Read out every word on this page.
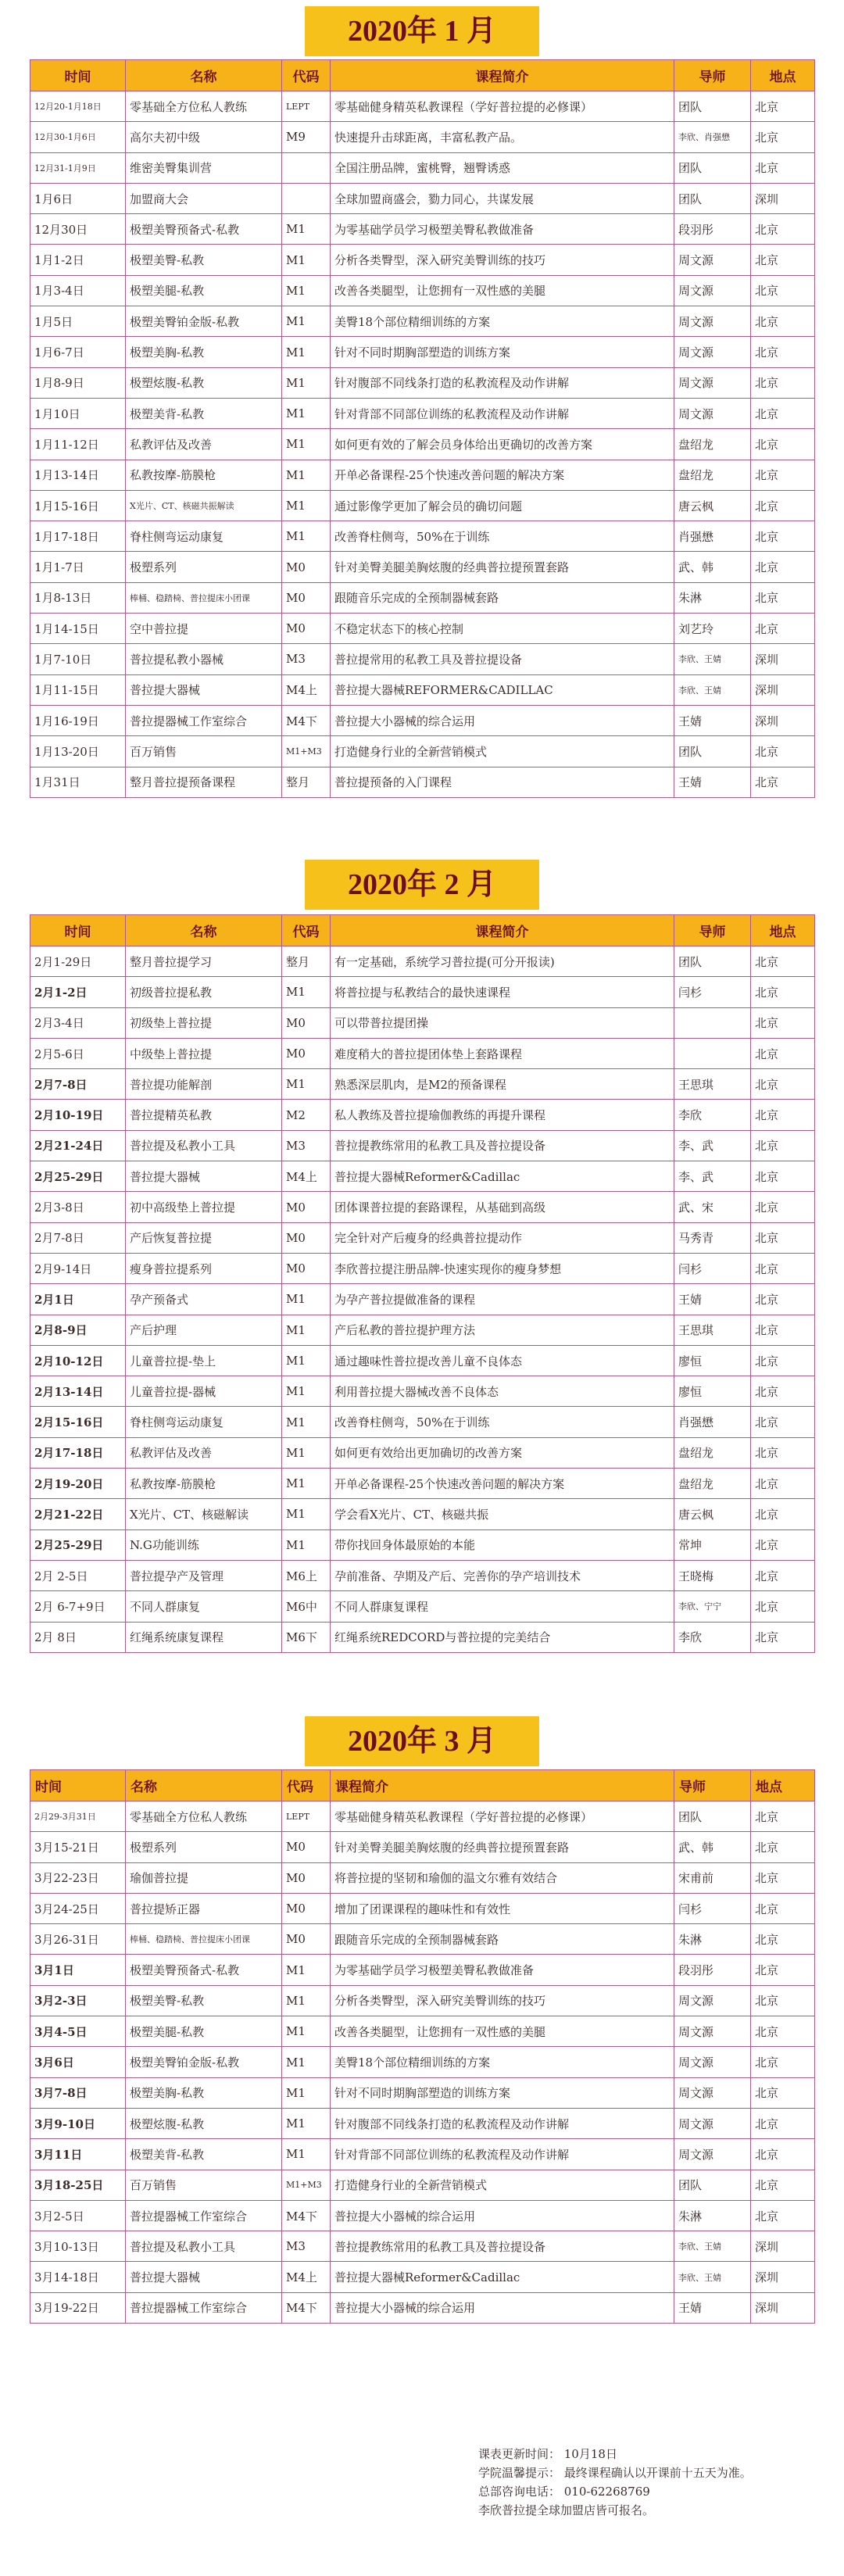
2020年 1 月
时间	名称	代码	课程简介	导师	地点
12月20-1月18日	零基础全方位私人教练	LEPT	零基础健身精英私教课程（学好普拉提的必修课）	团队	北京
12月30-1月6日	高尔夫初中级	M9	快速提升击球距离，丰富私教产品。	李欣、肖强懋	北京
12月31-1月9日	维密美臀集训营		全国注册品牌，蜜桃臀，翘臀诱惑	团队	北京
1月6日	加盟商大会		全球加盟商盛会，勠力同心，共谋发展	团队	深圳
12月30日	极塑美臀预备式-私教	M1	为零基础学员学习极塑美臀私教做准备	段羽彤	北京
1月1-2日	极塑美臀-私教	M1	分析各类臀型，深入研究美臀训练的技巧	周文源	北京
1月3-4日	极塑美腿-私教	M1	改善各类腿型，让您拥有一双性感的美腿	周文源	北京
1月5日	极塑美臀铂金版-私教	M1	美臀18个部位精细训练的方案	周文源	北京
1月6-7日	极塑美胸-私教	M1	针对不同时期胸部塑造的训练方案	周文源	北京
1月8-9日	极塑炫腹-私教	M1	针对腹部不同线条打造的私教流程及动作讲解	周文源	北京
1月10日	极塑美背-私教	M1	针对背部不同部位训练的私教流程及动作讲解	周文源	北京
1月11-12日	私教评估及改善	M1	如何更有效的了解会员身体给出更确切的改善方案	盘绍龙	北京
1月13-14日	私教按摩-筋膜枪	M1	开单必备课程-25个快速改善问题的解决方案	盘绍龙	北京
1月15-16日	X光片、CT、核磁共振解读	M1	通过影像学更加了解会员的确切问题	唐云枫	北京
1月17-18日	脊柱侧弯运动康复	M1	改善脊柱侧弯，50%在于训练	肖强懋	北京
1月1-7日	极塑系列	M0	针对美臀美腿美胸炫腹的经典普拉提预置套路	武、韩	北京
1月8-13日	棒桶、稳踏椅、普拉提床小团课	M0	跟随音乐完成的全预制器械套路	朱淋	北京
1月14-15日	空中普拉提	M0	不稳定状态下的核心控制	刘艺玲	北京
1月7-10日	普拉提私教小器械	M3	普拉提常用的私教工具及普拉提设备	李欣、王婧	深圳
1月11-15日	普拉提大器械	M4上	普拉提大器械REFORMER&CADILLAC	李欣、王婧	深圳
1月16-19日	普拉提器械工作室综合	M4下	普拉提大小器械的综合运用	王婧	深圳
1月13-20日	百万销售	M1+M3	打造健身行业的全新营销模式	团队	北京
1月31日	整月普拉提预备课程	整月	普拉提预备的入门课程	王婧	北京
2020年 2 月
时间	名称	代码	课程简介	导师	地点
2月1-29日	整月普拉提学习	整月	有一定基础，系统学习普拉提(可分开报读)	团队	北京
2月1-2日	初级普拉提私教	M1	将普拉提与私教结合的最快速课程	闫杉	北京
2月3-4日	初级垫上普拉提	M0	可以带普拉提团操		北京
2月5-6日	中级垫上普拉提	M0	难度稍大的普拉提团体垫上套路课程		北京
2月7-8日	普拉提功能解剖	M1	熟悉深层肌肉，是M2的预备课程	王思琪	北京
2月10-19日	普拉提精英私教	M2	私人教练及普拉提瑜伽教练的再提升课程	李欣	北京
2月21-24日	普拉提及私教小工具	M3	普拉提教练常用的私教工具及普拉提设备	李、武	北京
2月25-29日	普拉提大器械	M4上	普拉提大器械Reformer&Cadillac	李、武	北京
2月3-8日	初中高级垫上普拉提	M0	团体课普拉提的套路课程，从基础到高级	武、宋	北京
2月7-8日	产后恢复普拉提	M0	完全针对产后瘦身的经典普拉提动作	马秀青	北京
2月9-14日	瘦身普拉提系列	M0	李欣普拉提注册品牌-快速实现你的瘦身梦想	闫杉	北京
2月1日	孕产预备式	M1	为孕产普拉提做准备的课程	王婧	北京
2月8-9日	产后护理	M1	产后私教的普拉提护理方法	王思琪	北京
2月10-12日	儿童普拉提-垫上	M1	通过趣味性普拉提改善儿童不良体态	廖恒	北京
2月13-14日	儿童普拉提-器械	M1	利用普拉提大器械改善不良体态	廖恒	北京
2月15-16日	脊柱侧弯运动康复	M1	改善脊柱侧弯，50%在于训练	肖强懋	北京
2月17-18日	私教评估及改善	M1	如何更有效给出更加确切的改善方案	盘绍龙	北京
2月19-20日	私教按摩-筋膜枪	M1	开单必备课程-25个快速改善问题的解决方案	盘绍龙	北京
2月21-22日	X光片、CT、核磁解读	M1	学会看X光片、CT、核磁共振	唐云枫	北京
2月25-29日	N.G功能训练	M1	带你找回身体最原始的本能	常坤	北京
2月 2-5日	普拉提孕产及管理	M6上	孕前准备、孕期及产后、完善你的孕产培训技术	王晓梅	北京
2月 6-7+9日	不同人群康复	M6中	不同人群康复课程	李欣、宁宁	北京
2月 8日	红绳系统康复课程	M6下	红绳系统REDCORD与普拉提的完美结合	李欣	北京
2020年 3 月
时间	名称	代码	课程简介	导师	地点
2月29-3月31日	零基础全方位私人教练	LEPT	零基础健身精英私教课程（学好普拉提的必修课）	团队	北京
3月15-21日	极塑系列	M0	针对美臀美腿美胸炫腹的经典普拉提预置套路	武、韩	北京
3月22-23日	瑜伽普拉提	M0	将普拉提的坚韧和瑜伽的温文尔雅有效结合	宋甫前	北京
3月24-25日	普拉提矫正器	M0	增加了团课课程的趣味性和有效性	闫杉	北京
3月26-31日	棒桶、稳踏椅、普拉提床小团课	M0	跟随音乐完成的全预制器械套路	朱淋	北京
3月1日	极塑美臀预备式-私教	M1	为零基础学员学习极塑美臀私教做准备	段羽彤	北京
3月2-3日	极塑美臀-私教	M1	分析各类臀型，深入研究美臀训练的技巧	周文源	北京
3月4-5日	极塑美腿-私教	M1	改善各类腿型，让您拥有一双性感的美腿	周文源	北京
3月6日	极塑美臀铂金版-私教	M1	美臀18个部位精细训练的方案	周文源	北京
3月7-8日	极塑美胸-私教	M1	针对不同时期胸部塑造的训练方案	周文源	北京
3月9-10日	极塑炫腹-私教	M1	针对腹部不同线条打造的私教流程及动作讲解	周文源	北京
3月11日	极塑美背-私教	M1	针对背部不同部位训练的私教流程及动作讲解	周文源	北京
3月18-25日	百万销售	M1+M3	打造健身行业的全新营销模式	团队	北京
3月2-5日	普拉提器械工作室综合	M4下	普拉提大小器械的综合运用	朱淋	北京
3月10-13日	普拉提及私教小工具	M3	普拉提教练常用的私教工具及普拉提设备	李欣、王婧	深圳
3月14-18日	普拉提大器械	M4上	普拉提大器械Reformer&Cadillac	李欣、王婧	深圳
3月19-22日	普拉提器械工作室综合	M4下	普拉提大小器械的综合运用	王婧	深圳
课表更新时间： 10月18日
学院温馨提示： 最终课程确认以开课前十五天为准。
总部咨询电话： 010-62268769
李欣普拉提全球加盟店皆可报名。
